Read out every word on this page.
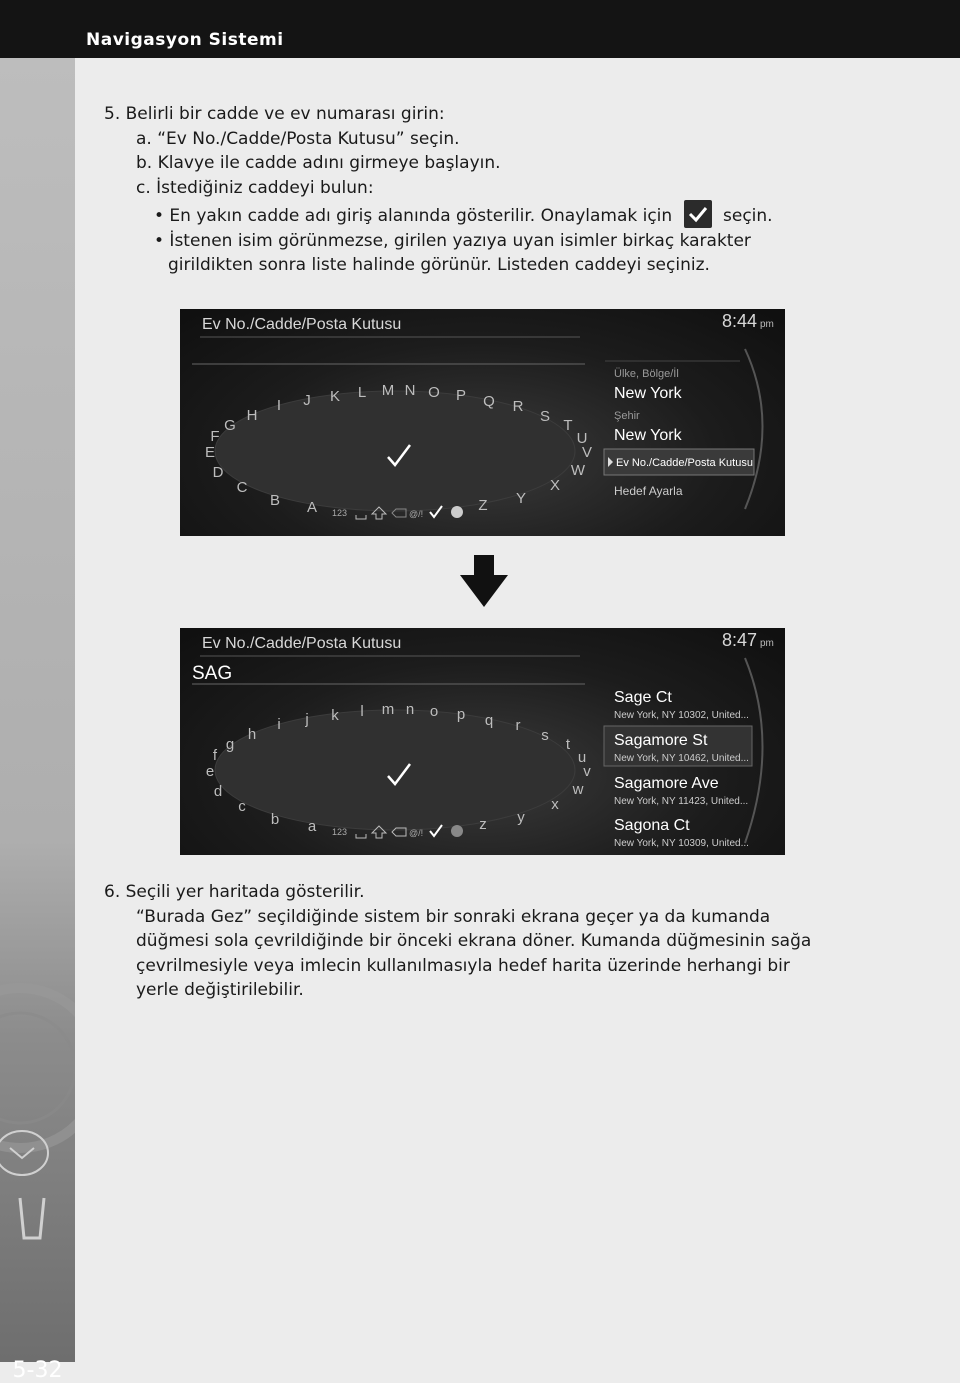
Navigasyon Sistemi
5-32

5. Belirli bir cadde ve ev numarası girin:

a. “Ev No./Cadde/Posta Kutusu” seçin.

b. Klavye ile cadde adını girmeye başlayın.

c. İstediğiniz caddeyi bulun:

• En yakın cadde adı giriş alanında gösterilir. Onaylamak için	seçin.

• İstenen isim görünmezse, girilen yazıya uyan isimler birkaç karakter

girildikten sonra liste halinde görünür. Listeden caddeyi seçiniz.

Ev No./Cadde/Posta Kutusu	8:44 pm
A
B
C
D
E
F
G
H
I J K L M N O P Q R
S
T
U
V
W
X
Y
Z
123	@/!
Ülke, Bölge/İl
New York
Şehir
New York
Ev No./Cadde/Posta Kutusu
Hedef Ayarla
Ev No./Cadde/Posta Kutusu	8:47 pm
SAG
a
b
c
d
e
f
g
h
i j k l m n o p q r
s
t
u
v
w
x
y
z
123	@/!
Sage Ct
New York, NY 10302, United...
Sagamore St
New York, NY 10462, United...
Sagamore Ave
New York, NY 11423, United...
Sagona Ct
New York, NY 10309, United...

6. Seçili yer haritada gösterilir.

“Burada Gez” seçildiğinde sistem bir sonraki ekrana geçer ya da kumanda

düğmesi sola çevrildiğinde bir önceki ekrana döner. Kumanda düğmesinin sağa

çevrilmesiyle veya imlecin kullanılmasıyla hedef harita üzerinde herhangi bir

yerle değiştirilebilir.
